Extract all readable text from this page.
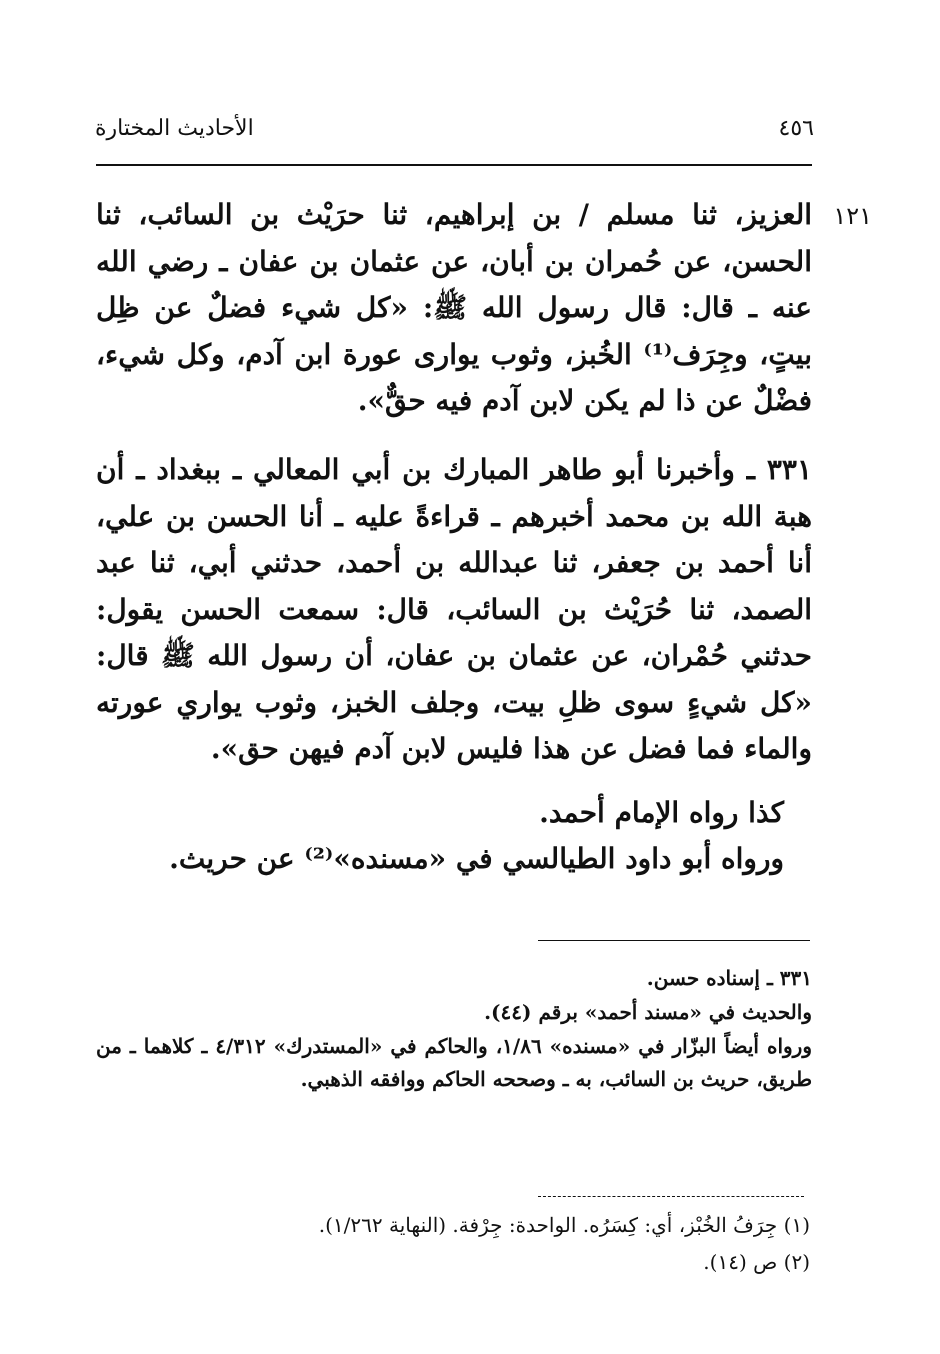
الأحاديث المختارة	٤٥٦
١٢١
العزيز، ثنا مسلم / بن إبراهيم، ثنا حرَيْث بن السائب، ثنا الحسن، عن حُمران بن أبان، عن عثمان بن عفان ـ رضي الله عنه ـ قال: قال رسول الله ﷺ: «كل شيء فضلٌ عن ظِل بيتٍ، وجِرَف⁽¹⁾ الخُبز، وثوب يوارى عورة ابن آدم، وكل شيء، فضْلٌ عن ذا لم يكن لابن آدم فيه حقٌّ».
٣٣١ ـ وأخبرنا أبو طاهر المبارك بن أبي المعالي ـ ببغداد ـ أن هبة الله بن محمد أخبرهم ـ قراءةً عليه ـ أنا الحسن بن علي، أنا أحمد بن جعفر، ثنا عبدالله بن أحمد، حدثني أبي، ثنا عبد الصمد، ثنا حُرَيْث بن السائب، قال: سمعت الحسن يقول: حدثني حُمْران، عن عثمان بن عفان، أن رسول الله ﷺ قال: «كل شيءٍ سوى ظلِ بيت، وجلف الخبز، وثوب يواري عورته والماء فما فضل عن هذا فليس لابن آدم فيهن حق».
كذا رواه الإمام أحمد.
ورواه أبو داود الطيالسي في «مسنده»⁽²⁾ عن حريث.
٣٣١ ـ إسناده حسن.
والحديث في «مسند أحمد» برقم (٤٤).
ورواه أيضاً البزّار في «مسنده» ١/٨٦، والحاكم في «المستدرك» ٤/٣١٢ ـ كلاهما ـ من طريق، حريث بن السائب، به ـ وصححه الحاكم ووافقه الذهبي.
(١) جِرَفُ الخُبْز، أي: كِسَرُه. الواحدة: جِرْفة. (النهاية ١/٢٦٢).
(٢) ص (١٤).
